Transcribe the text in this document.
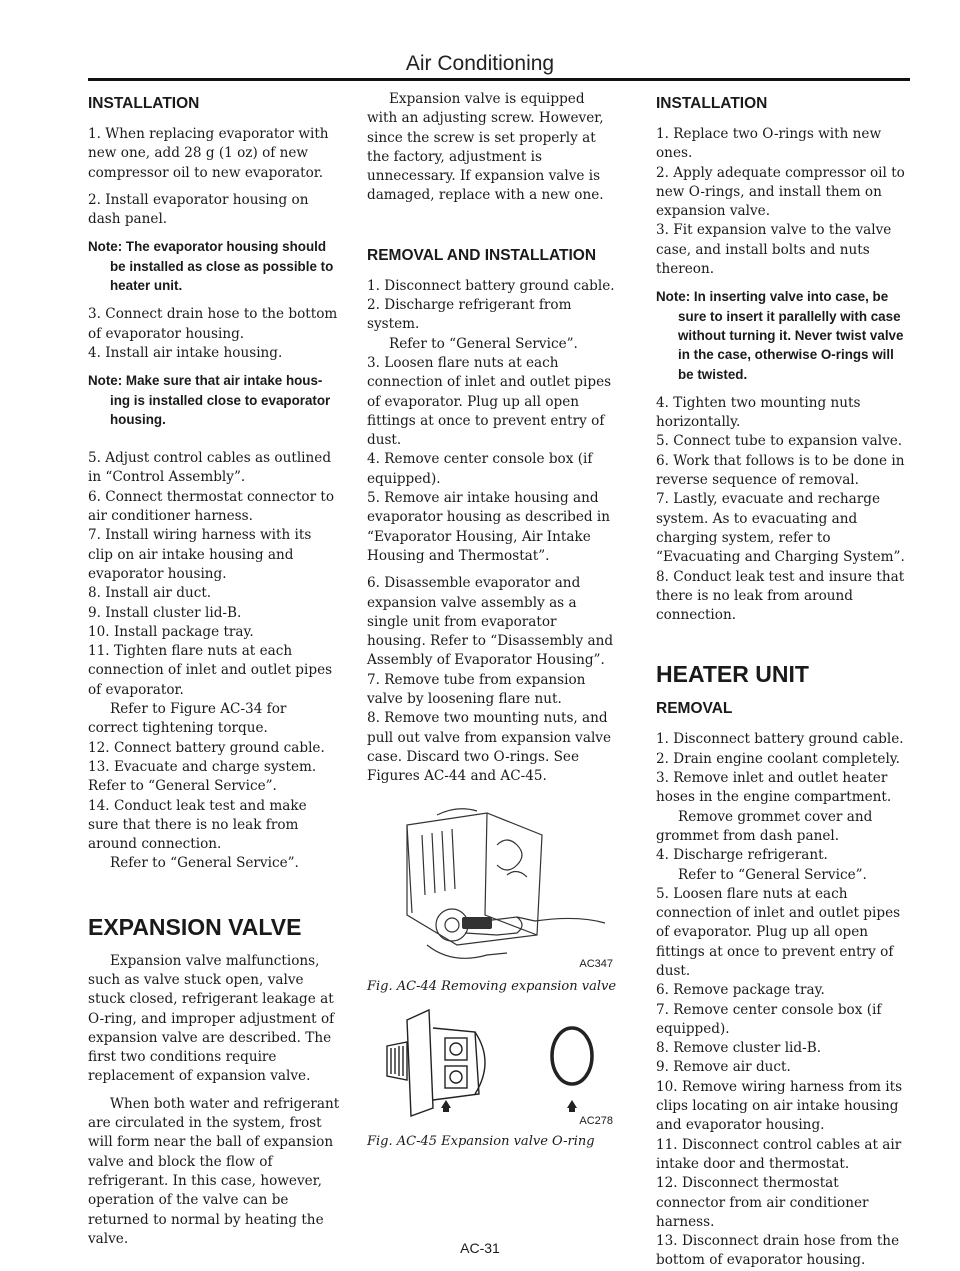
Air Conditioning
INSTALLATION

1. When replacing evaporator with new one, add 28 g (1 oz) of new compressor oil to new evaporator.

2. Install evaporator housing on dash panel.

Note: The evaporator housing should
be installed as close as possible to heater unit.

3. Connect drain hose to the bottom of evaporator housing.

4. Install air intake housing.

Note: Make sure that air intake hous-
ing is installed close to evaporator housing.

5. Adjust control cables as outlined in “Control Assembly”.

6. Connect thermostat connector to air conditioner harness.

7. Install wiring harness with its clip on air intake housing and evaporator housing.

8. Install air duct.

9. Install cluster lid-B.

10. Install package tray.

11. Tighten flare nuts at each connection of inlet and outlet pipes of evaporator.

Refer to Figure AC-34 for correct tightening torque.

12. Connect battery ground cable.

13. Evacuate and charge system. Refer to “General Service”.

14. Conduct leak test and make sure that there is no leak from around connection.

Refer to “General Service”.

EXPANSION VALVE

Expansion valve malfunctions, such as valve stuck open, valve stuck closed, refrigerant leakage at O-ring, and improper adjustment of expansion valve are described. The first two conditions require replacement of expansion valve.

When both water and refrigerant are circulated in the system, frost will form near the ball of expansion valve and block the flow of refrigerant. In this case, however, operation of the valve can be returned to normal by heating the valve.

Expansion valve is equipped with an adjusting screw. However, since the screw is set properly at the factory, adjustment is unnecessary. If expansion valve is damaged, replace with a new one.

REMOVAL AND INSTALLATION

1. Disconnect battery ground cable.

2. Discharge refrigerant from system.

Refer to “General Service”.

3. Loosen flare nuts at each connection of inlet and outlet pipes of evaporator. Plug up all open fittings at once to prevent entry of dust.

4. Remove center console box (if equipped).

5. Remove air intake housing and evaporator housing as described in “Evaporator Housing, Air Intake Housing and Thermostat”.

6. Disassemble evaporator and expansion valve assembly as a single unit from evaporator housing. Refer to “Disassembly and Assembly of Evaporator Housing”.

7. Remove tube from expansion valve by loosening flare nut.

8. Remove two mounting nuts, and pull out valve from expansion valve case. Discard two O-rings. See Figures AC-44 and AC-45.

AC347
Fig. AC-44 Removing expansion valve
AC278
Fig. AC-45 Expansion valve O-ring
INSTALLATION

1. Replace two O-rings with new ones.

2. Apply adequate compressor oil to new O-rings, and install them on expansion valve.

3. Fit expansion valve to the valve case, and install bolts and nuts thereon.

Note: In inserting valve into case, be
sure to insert it parallelly with case without turning it. Never twist valve in the case, otherwise O-rings will be twisted.

4. Tighten two mounting nuts horizontally.

5. Connect tube to expansion valve.

6. Work that follows is to be done in reverse sequence of removal.

7. Lastly, evacuate and recharge system. As to evacuating and charging system, refer to “Evacuating and Charging System”.

8. Conduct leak test and insure that there is no leak from around connection.

HEATER UNIT
REMOVAL

1. Disconnect battery ground cable.

2. Drain engine coolant completely.

3. Remove inlet and outlet heater hoses in the engine compartment.

Remove grommet cover and grommet from dash panel.

4. Discharge refrigerant.

Refer to “General Service”.

5. Loosen flare nuts at each connection of inlet and outlet pipes of evaporator. Plug up all open fittings at once to prevent entry of dust.

6. Remove package tray.

7. Remove center console box (if equipped).

8. Remove cluster lid-B.

9. Remove air duct.

10. Remove wiring harness from its clips locating on air intake housing and evaporator housing.

11. Disconnect control cables at air intake door and thermostat.

12. Disconnect thermostat connector from air conditioner harness.

13. Disconnect drain hose from the bottom of evaporator housing.

AC-31
